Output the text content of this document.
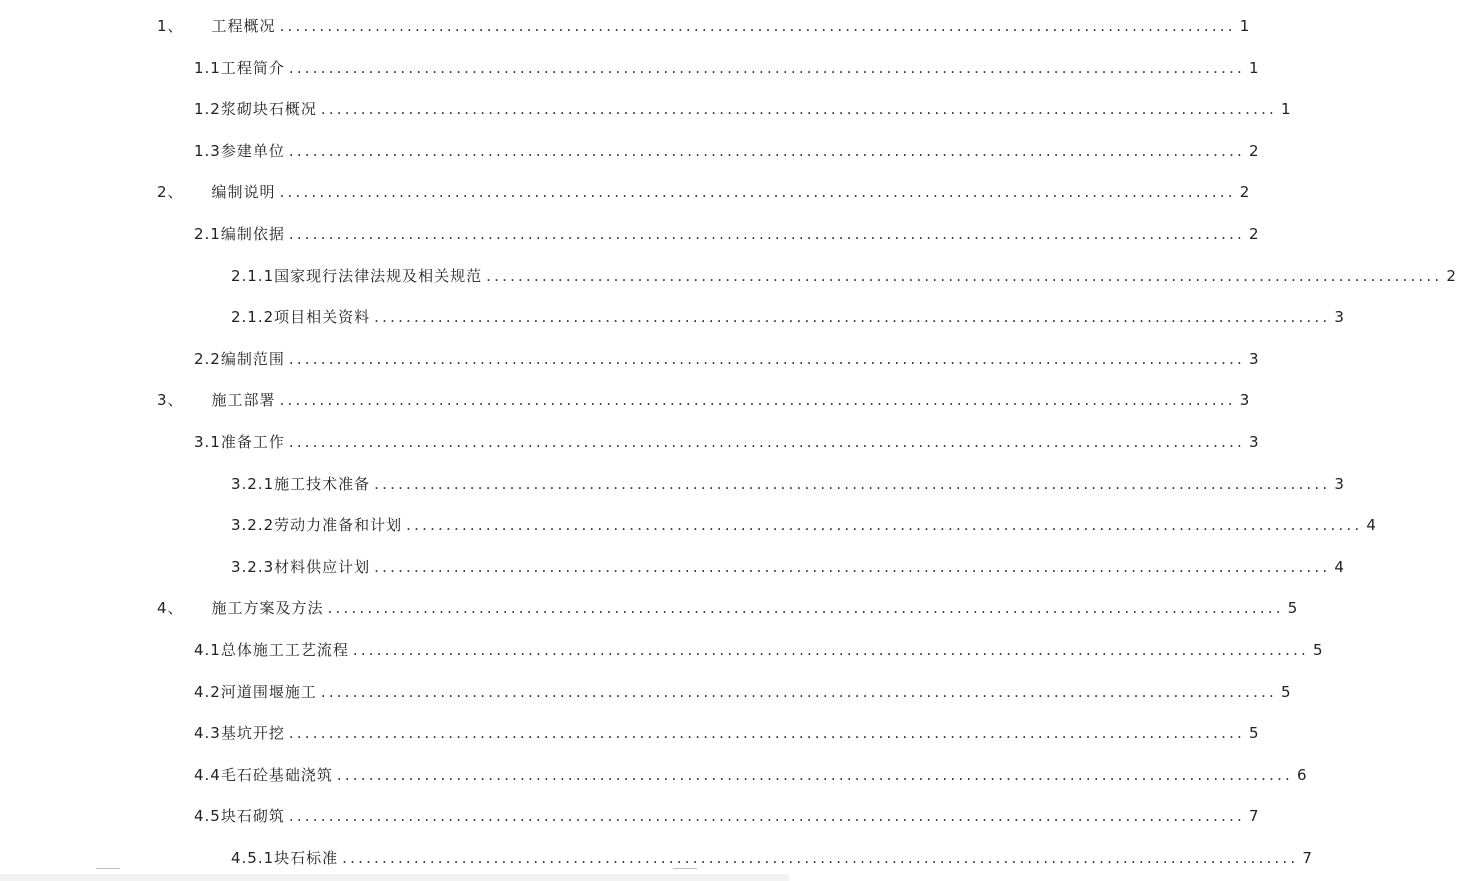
1、 工程概况 ........................................................................................................................ 1
1.1工程简介 ........................................................................................................................ 1
1.2浆砌块石概况 ........................................................................................................................ 1
1.3参建单位 ........................................................................................................................ 2
2、 编制说明 ........................................................................................................................ 2
2.1编制依据 ........................................................................................................................ 2
2.1.1国家现行法律法规及相关规范 ........................................................................................................................ 2
2.1.2项目相关资料 ........................................................................................................................ 3
2.2编制范围 ........................................................................................................................ 3
3、 施工部署 ........................................................................................................................ 3
3.1准备工作 ........................................................................................................................ 3
3.2.1施工技术准备 ........................................................................................................................ 3
3.2.2劳动力准备和计划 ........................................................................................................................ 4
3.2.3材料供应计划 ........................................................................................................................ 4
4、 施工方案及方法 ........................................................................................................................ 5
4.1总体施工工艺流程 ........................................................................................................................ 5
4.2河道围堰施工 ........................................................................................................................ 5
4.3基坑开挖 ........................................................................................................................ 5
4.4毛石砼基础浇筑 ........................................................................................................................ 6
4.5块石砌筑 ........................................................................................................................ 7
4.5.1块石标准 ........................................................................................................................ 7
